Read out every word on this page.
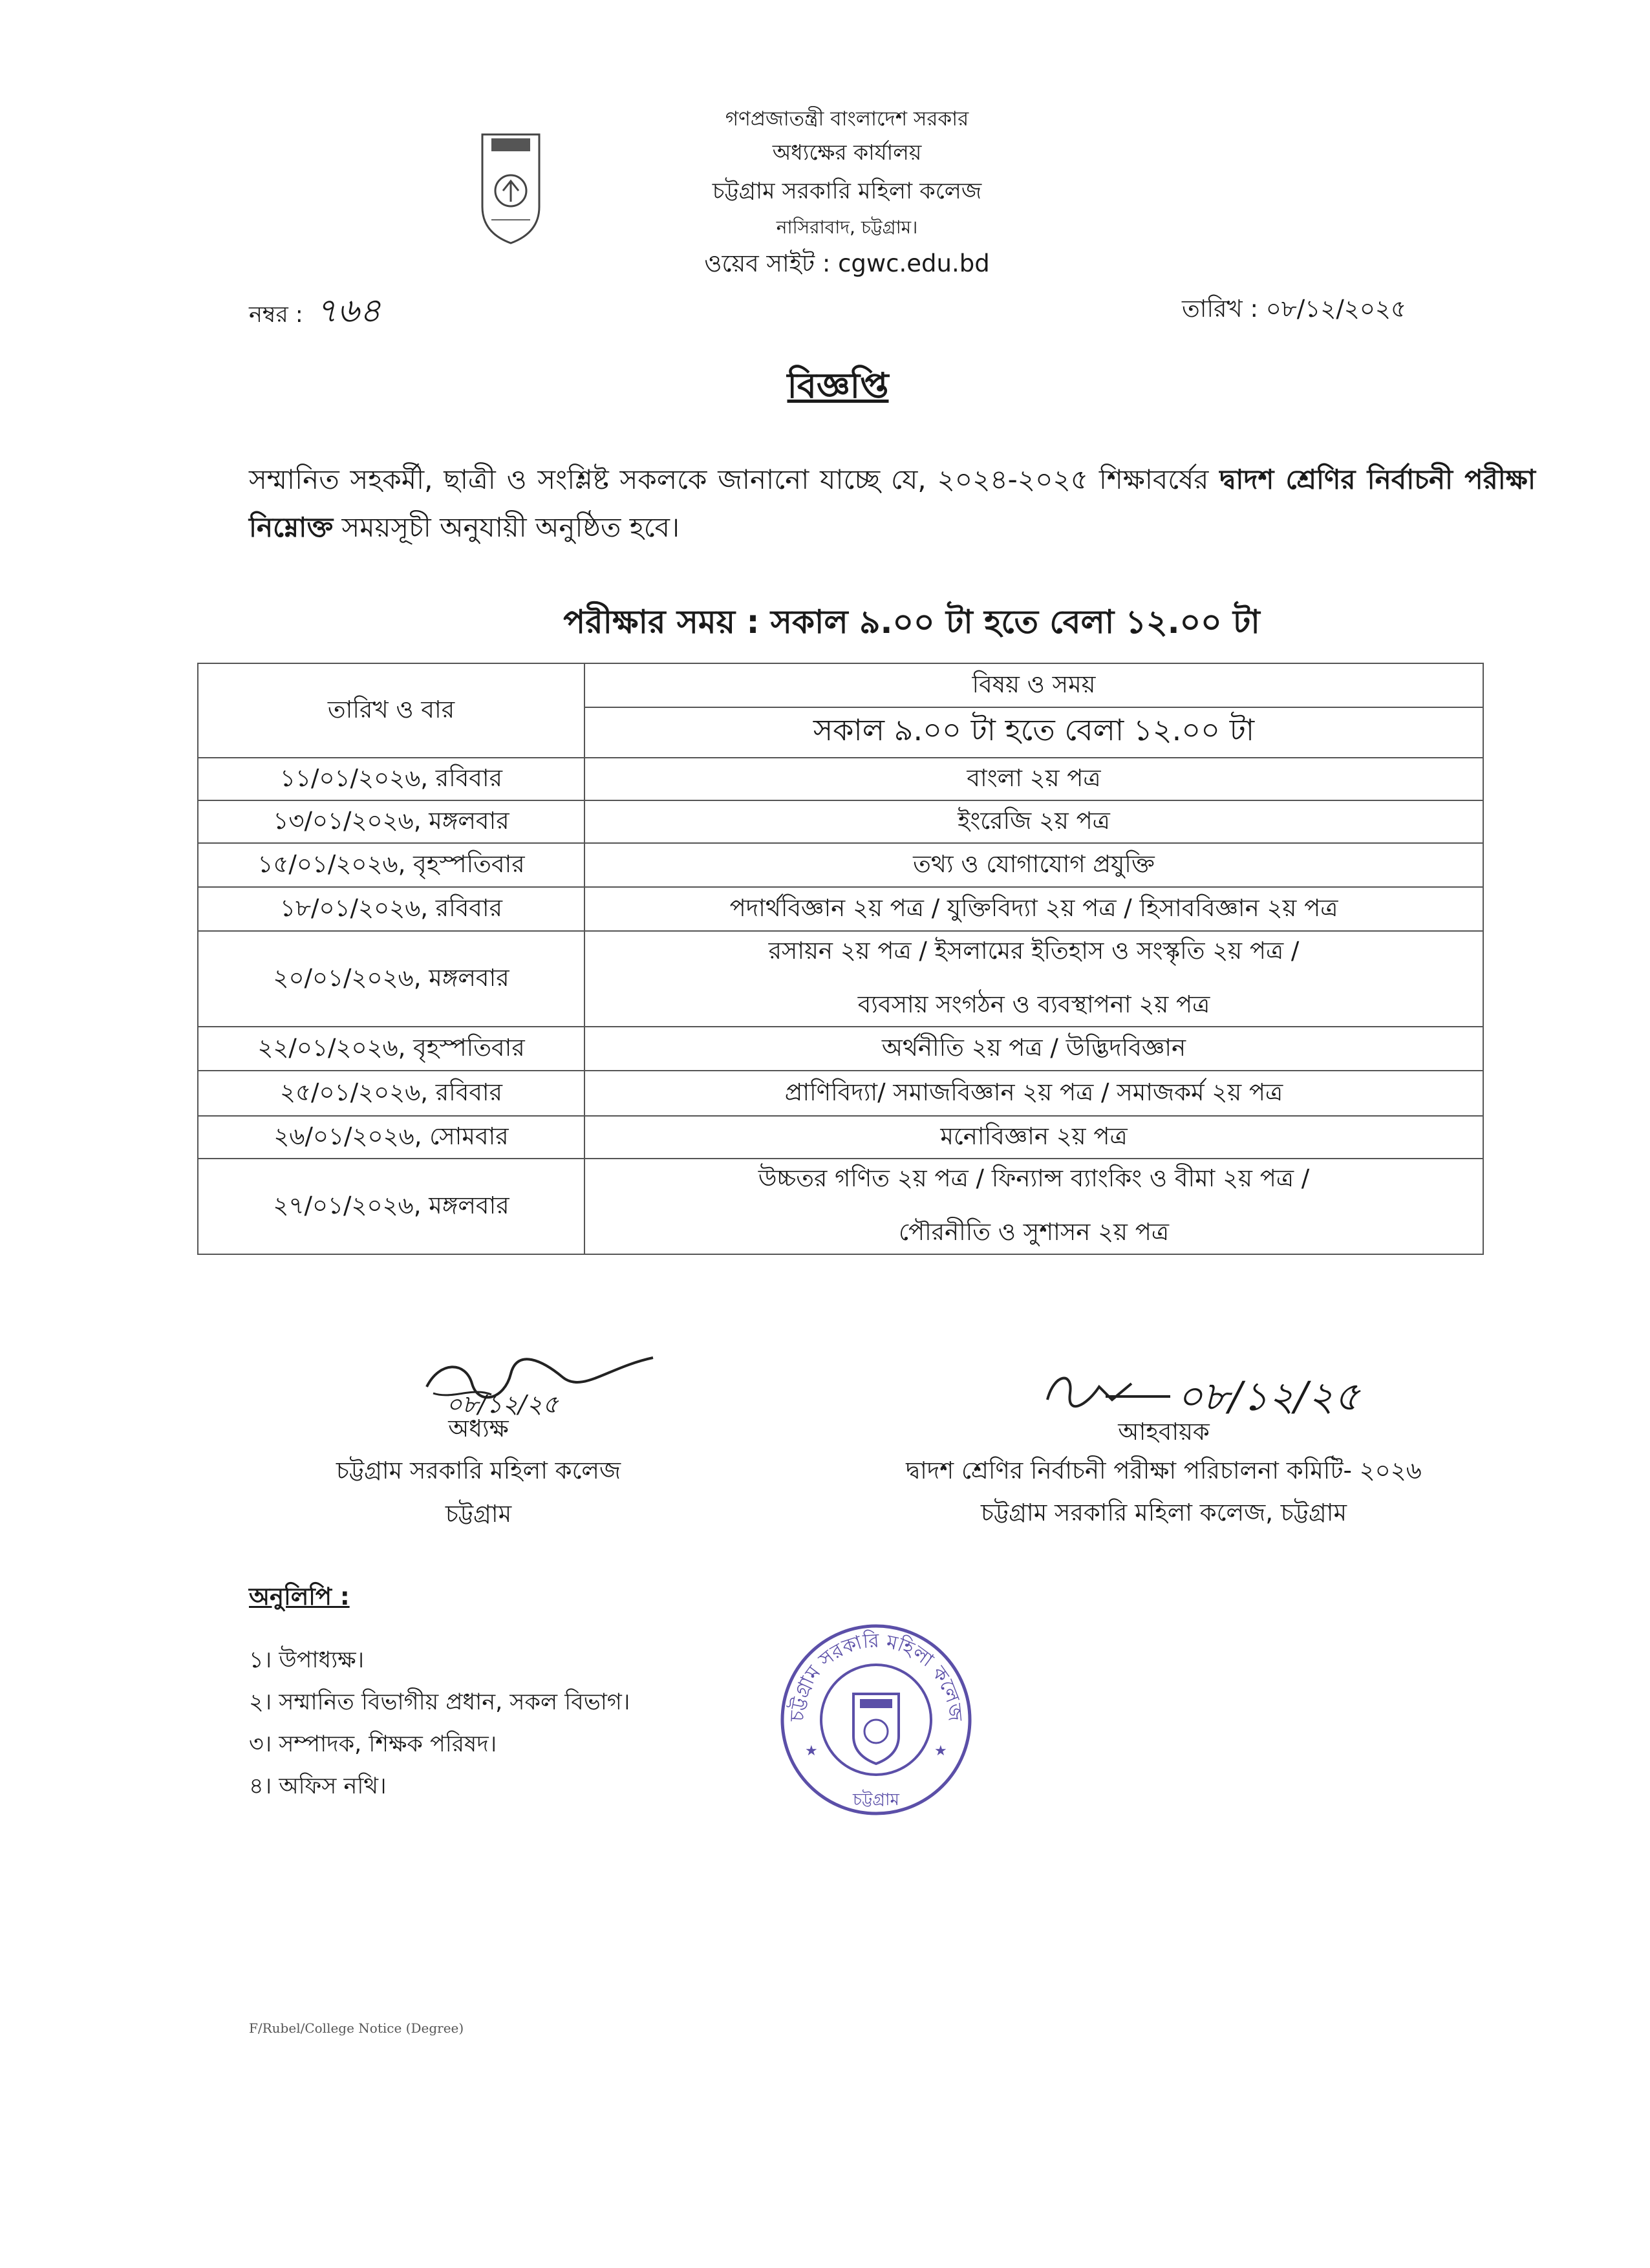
গণপ্রজাতন্ত্রী বাংলাদেশ সরকার
অধ্যক্ষের কার্যালয়
চট্টগ্রাম সরকারি মহিলা কলেজ
নাসিরাবাদ, চট্টগ্রাম।
ওয়েব সাইট : cgwc.edu.bd
নম্বর : ৭৬৪	তারিখ : ০৮/১২/২০২৫
বিজ্ঞপ্তি
সম্মানিত সহকর্মী, ছাত্রী ও সংশ্লিষ্ট সকলকে জানানো যাচ্ছে যে, ২০২৪-২০২৫ শিক্ষাবর্ষের দ্বাদশ শ্রেণির নির্বাচনী পরীক্ষা নিম্নোক্ত সময়সূচী অনুযায়ী অনুষ্ঠিত হবে।
পরীক্ষার সময় : সকাল ৯.০০ টা হতে বেলা ১২.০০ টা
তারিখ ও বার	বিষয় ও সময়
	সকাল ৯.০০ টা হতে বেলা ১২.০০ টা
১১/০১/২০২৬, রবিবার	বাংলা ২য় পত্র
১৩/০১/২০২৬, মঙ্গলবার	ইংরেজি ২য় পত্র
১৫/০১/২০২৬, বৃহস্পতিবার	তথ্য ও যোগাযোগ প্রযুক্তি
১৮/০১/২০২৬, রবিবার	পদার্থবিজ্ঞান ২য় পত্র / যুক্তিবিদ্যা ২য় পত্র / হিসাববিজ্ঞান ২য় পত্র
২০/০১/২০২৬, মঙ্গলবার	রসায়ন ২য় পত্র / ইসলামের ইতিহাস ও সংস্কৃতি ২য় পত্র /
ব্যবসায় সংগঠন ও ব্যবস্থাপনা ২য় পত্র

২২/০১/২০২৬, বৃহস্পতিবার	অর্থনীতি ২য় পত্র / উদ্ভিদবিজ্ঞান
২৫/০১/২০২৬, রবিবার	প্রাণিবিদ্যা/ সমাজবিজ্ঞান ২য় পত্র / সমাজকর্ম ২য় পত্র
২৬/০১/২০২৬, সোমবার	মনোবিজ্ঞান ২য় পত্র
২৭/০১/২০২৬, মঙ্গলবার	উচ্চতর গণিত ২য় পত্র / ফিন্যান্স ব্যাংকিং ও বীমা ২য় পত্র /
পৌরনীতি ও সুশাসন ২য় পত্র
০৮/১২/২৫
অধ্যক্ষ
চট্টগ্রাম সরকারি মহিলা কলেজ
চট্টগ্রাম
০৮/১২/২৫
আহবায়ক
দ্বাদশ শ্রেণির নির্বাচনী পরীক্ষা পরিচালনা কমিটি- ২০২৬
চট্টগ্রাম সরকারি মহিলা কলেজ, চট্টগ্রাম
অনুলিপি :
১। উপাধ্যক্ষ।
২। সম্মানিত বিভাগীয় প্রধান, সকল বিভাগ।
৩। সম্পাদক, শিক্ষক পরিষদ।
৪। অফিস নথি।
চট্টগ্রাম সরকারি মহিলা কলেজ
চট্টগ্রাম
★	★
F/Rubel/College Notice (Degree)
